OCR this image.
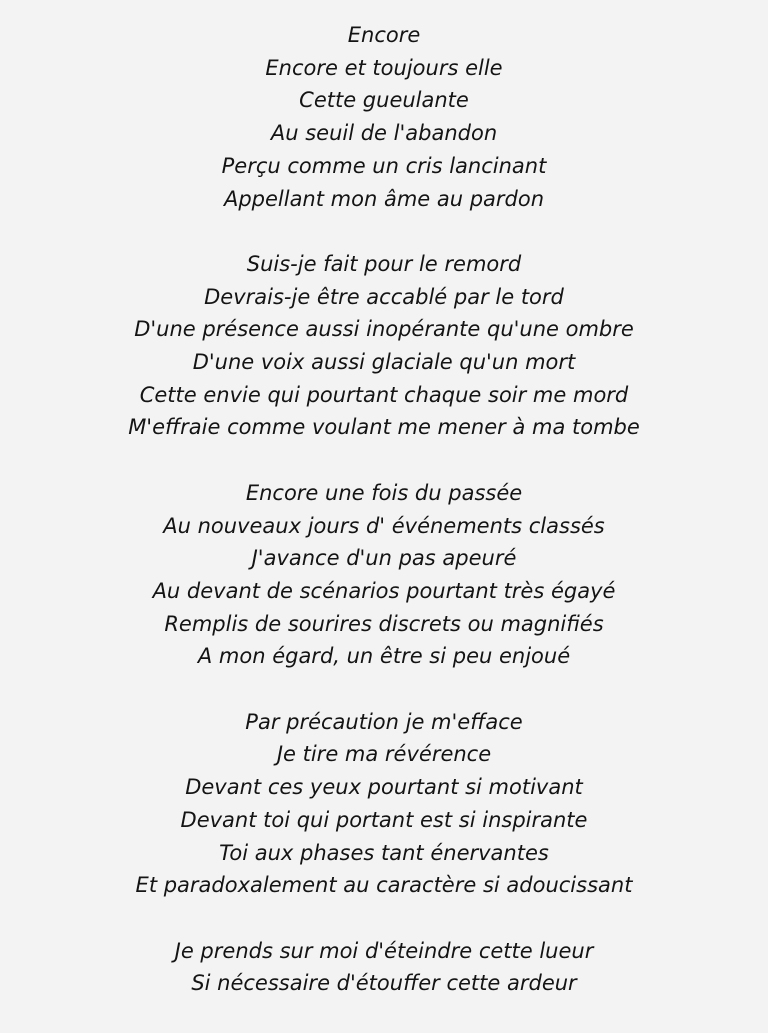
Encore
Encore et toujours elle
Cette gueulante
Au seuil de l'abandon
Perçu comme un cris lancinant
Appellant mon âme au pardon
Suis-je fait pour le remord
Devrais-je être accablé par le tord
D'une présence aussi inopérante qu'une ombre
D'une voix aussi glaciale qu'un mort
Cette envie qui pourtant chaque soir me mord
M'effraie comme voulant me mener à ma tombe
Encore une fois du passée
Au nouveaux jours d' événements classés
J'avance d'un pas apeuré
Au devant de scénarios pourtant très égayé
Remplis de sourires discrets ou magnifiés
A mon égard, un être si peu enjoué
Par précaution je m'efface
Je tire ma révérence
Devant ces yeux pourtant si motivant
Devant toi qui portant est si inspirante
Toi aux phases tant énervantes
Et paradoxalement au caractère si adoucissant
Je prends sur moi d'éteindre cette lueur
Si nécessaire d'étouffer cette ardeur
